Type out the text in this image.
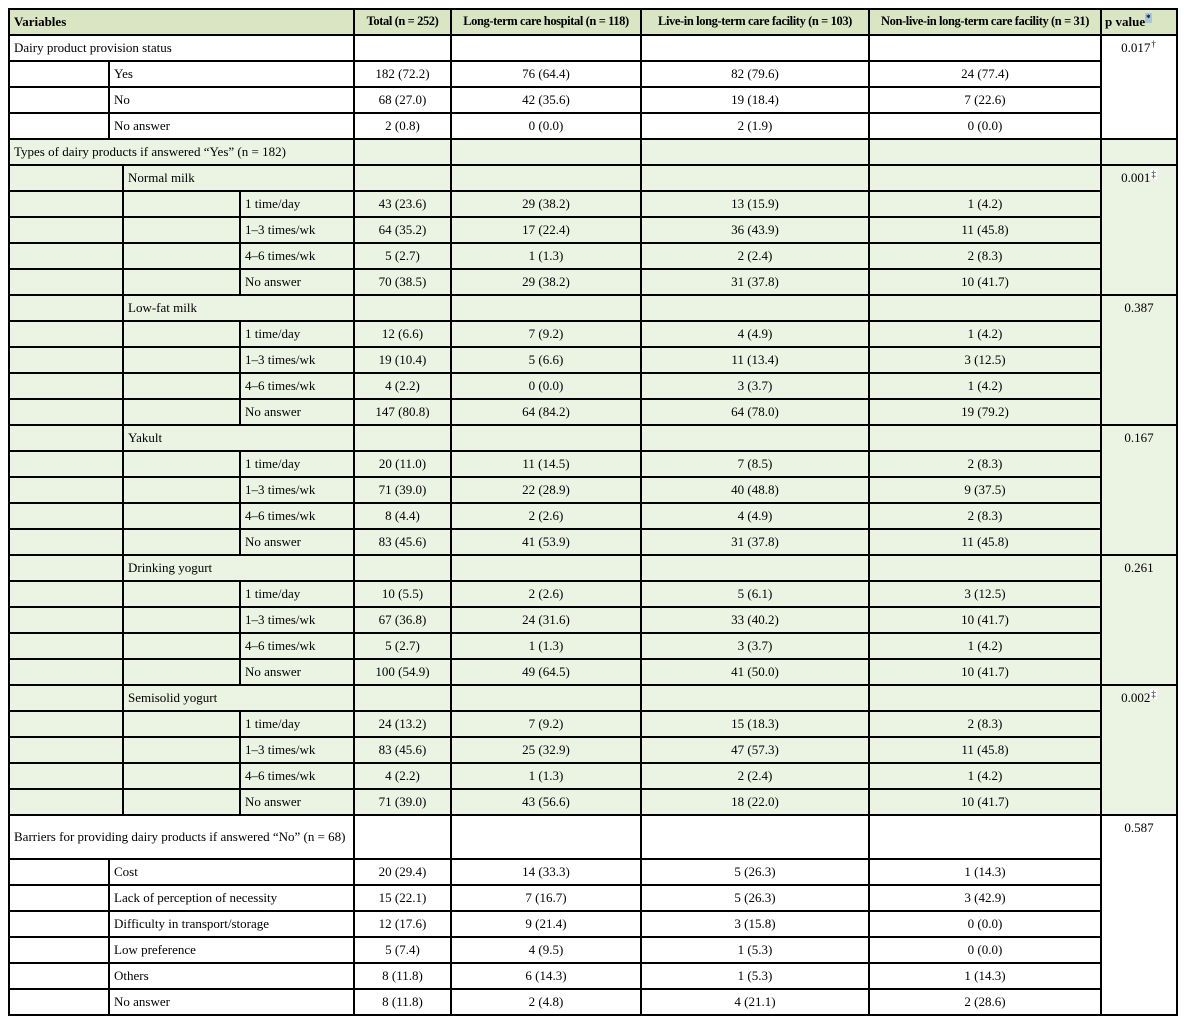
Variables				Total (n = 252)	Long-term care hospital (n = 118)	Live-in long-term care facility (n = 103)	Non-live-in long-term care facility (n = 31)	p value*
Dairy product provision status								0.017†
	Yes			182 (72.2)	76 (64.4)	82 (79.6)	24 (77.4)	
	No			68 (27.0)	42 (35.6)	19 (18.4)	7 (22.6)	
	No answer			2 (0.8)	0 (0.0)	2 (1.9)	0 (0.0)	
Types of dairy products if answered “Yes” (n = 182)								
		Normal milk						0.001‡
			1 time/day	43 (23.6)	29 (38.2)	13 (15.9)	1 (4.2)	
			1–3 times/wk	64 (35.2)	17 (22.4)	36 (43.9)	11 (45.8)	
			4–6 times/wk	5 (2.7)	1 (1.3)	2 (2.4)	2 (8.3)	
			No answer	70 (38.5)	29 (38.2)	31 (37.8)	10 (41.7)	
		Low-fat milk						0.387
			1 time/day	12 (6.6)	7 (9.2)	4 (4.9)	1 (4.2)	
			1–3 times/wk	19 (10.4)	5 (6.6)	11 (13.4)	3 (12.5)	
			4–6 times/wk	4 (2.2)	0 (0.0)	3 (3.7)	1 (4.2)	
			No answer	147 (80.8)	64 (84.2)	64 (78.0)	19 (79.2)	
		Yakult						0.167
			1 time/day	20 (11.0)	11 (14.5)	7 (8.5)	2 (8.3)	
			1–3 times/wk	71 (39.0)	22 (28.9)	40 (48.8)	9 (37.5)	
			4–6 times/wk	8 (4.4)	2 (2.6)	4 (4.9)	2 (8.3)	
			No answer	83 (45.6)	41 (53.9)	31 (37.8)	11 (45.8)	
		Drinking yogurt						0.261
			1 time/day	10 (5.5)	2 (2.6)	5 (6.1)	3 (12.5)	
			1–3 times/wk	67 (36.8)	24 (31.6)	33 (40.2)	10 (41.7)	
			4–6 times/wk	5 (2.7)	1 (1.3)	3 (3.7)	1 (4.2)	
			No answer	100 (54.9)	49 (64.5)	41 (50.0)	10 (41.7)	
		Semisolid yogurt						0.002‡
			1 time/day	24 (13.2)	7 (9.2)	15 (18.3)	2 (8.3)	
			1–3 times/wk	83 (45.6)	25 (32.9)	47 (57.3)	11 (45.8)	
			4–6 times/wk	4 (2.2)	1 (1.3)	2 (2.4)	1 (4.2)	
			No answer	71 (39.0)	43 (56.6)	18 (22.0)	10 (41.7)	
Barriers for providing dairy products if answered “No” (n = 68)								0.587
	Cost			20 (29.4)	14 (33.3)	5 (26.3)	1 (14.3)	
	Lack of perception of necessity			15 (22.1)	7 (16.7)	5 (26.3)	3 (42.9)	
	Difficulty in transport/storage			12 (17.6)	9 (21.4)	3 (15.8)	0 (0.0)	
	Low preference			5 (7.4)	4 (9.5)	1 (5.3)	0 (0.0)	
	Others			8 (11.8)	6 (14.3)	1 (5.3)	1 (14.3)	
	No answer			8 (11.8)	2 (4.8)	4 (21.1)	2 (28.6)	
